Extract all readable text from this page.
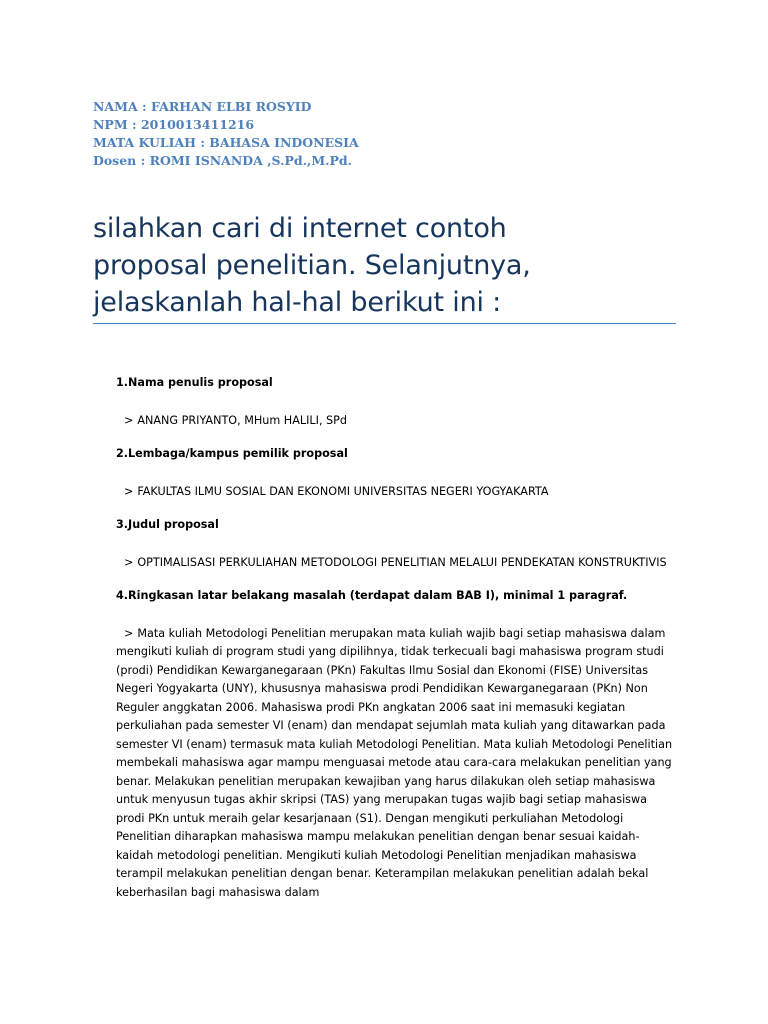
NAMA : FARHAN ELBI ROSYID
NPM : 2010013411216
MATA KULIAH : BAHASA INDONESIA
Dosen : ROMI ISNANDA ,S.Pd.,M.Pd.
silahkan cari di internet contoh
proposal penelitian. Selanjutnya,
jelaskanlah hal-hal berikut ini :
1.Nama penulis proposal
> ANANG PRIYANTO, MHum HALILI, SPd
2.Lembaga/kampus pemilik proposal
> FAKULTAS ILMU SOSIAL DAN EKONOMI UNIVERSITAS NEGERI YOGYAKARTA
3.Judul proposal
> OPTIMALISASI PERKULIAHAN METODOLOGI PENELITIAN MELALUI PENDEKATAN KONSTRUKTIVIS
4.Ringkasan latar belakang masalah (terdapat dalam BAB I), minimal 1 paragraf.
> Mata kuliah Metodologi Penelitian merupakan mata kuliah wajib bagi setiap mahasiswa dalam mengikuti kuliah di program studi yang dipilihnya, tidak terkecuali bagi mahasiswa program studi (prodi) Pendidikan Kewarganegaraan (PKn) Fakultas Ilmu Sosial dan Ekonomi (FISE) Universitas Negeri Yogyakarta (UNY), khususnya mahasiswa prodi Pendidikan Kewarganegaraan (PKn) Non Reguler anggkatan 2006. Mahasiswa prodi PKn angkatan 2006 saat ini memasuki kegiatan perkuliahan pada semester VI (enam) dan mendapat sejumlah mata kuliah yang ditawarkan pada semester VI (enam) termasuk mata kuliah Metodologi Penelitian. Mata kuliah Metodologi Penelitian membekali mahasiswa agar mampu menguasai metode atau cara-cara melakukan penelitian yang benar. Melakukan penelitian merupakan kewajiban yang harus dilakukan oleh setiap mahasiswa untuk menyusun tugas akhir skripsi (TAS) yang merupakan tugas wajib bagi setiap mahasiswa prodi PKn untuk meraih gelar kesarjanaan (S1). Dengan mengikuti perkuliahan Metodologi Penelitian diharapkan mahasiswa mampu melakukan penelitian dengan benar sesuai kaidah-kaidah metodologi penelitian. Mengikuti kuliah Metodologi Penelitian menjadikan mahasiswa terampil melakukan penelitian dengan benar. Keterampilan melakukan penelitian adalah bekal keberhasilan bagi mahasiswa dalam
